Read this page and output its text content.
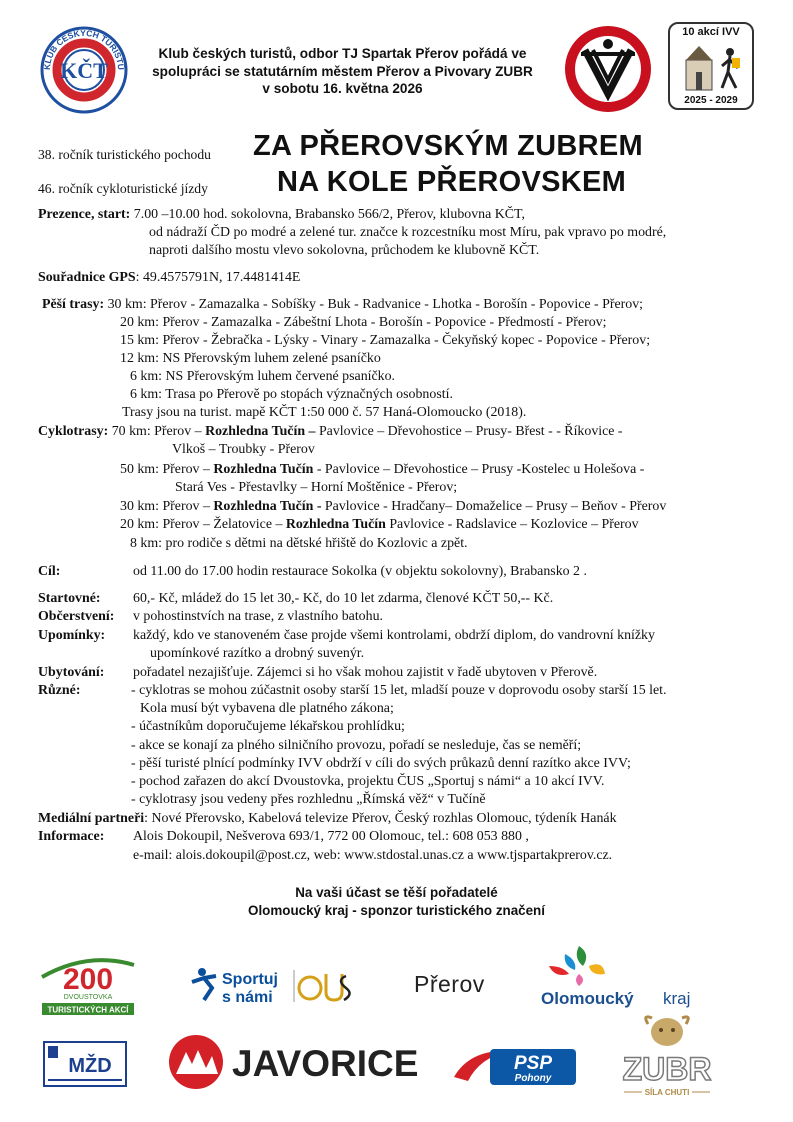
KČT
KLUB ČESKÝCH TURISTŮ
Klub českých turistů, odbor TJ Spartak Přerov pořádá ve
spolupráci se statutárním městem Přerov a Pivovary ZUBR
v sobotu 16. května 2026
10 akcí IVV
2025 - 2029
38. ročník turistického pochodu ZA PŘEROVSKÝM ZUBREM
46. ročník cykloturistické jízdy NA KOLE PŘEROVSKEM
Prezence, start: 7.00 –10.00 hod. sokolovna, Brabansko 566/2, Přerov, klubovna KČT,
od nádraží ČD po modré a zelené tur. značce k rozcestníku most Míru, pak vpravo po modré,
naproti dalšího mostu vlevo sokolovna, průchodem ke klubovně KČT.
Souřadnice GPS: 49.4575791N, 17.4481414E
Pěší trasy: 30 km: Přerov - Zamazalka - Sobíšky - Buk - Radvanice - Lhotka - Borošín - Popovice - Přerov;
20 km: Přerov - Zamazalka - Zábeštní Lhota - Borošín - Popovice - Předmostí - Přerov;
15 km: Přerov - Žebračka - Lýsky - Vinary - Zamazalka - Čekyňský kopec - Popovice - Přerov;
12 km: NS Přerovským luhem zelené psaníčko
6 km: NS Přerovským luhem červené psaníčko.
6 km: Trasa po Přerově po stopách význačných osobností.
Trasy jsou na turist. mapě KČT 1:50 000 č. 57 Haná-Olomoucko (2018).
Cyklotrasy: 70 km: Přerov – Rozhledna Tučín – Pavlovice – Dřevohostice – Prusy- Břest - - Říkovice -
Vlkoš – Troubky - Přerov
50 km: Přerov – Rozhledna Tučín - Pavlovice – Dřevohostice – Prusy -Kostelec u Holešova -
Stará Ves - Přestavlky – Horní Moštěnice - Přerov;
30 km: Přerov – Rozhledna Tučín - Pavlovice - Hradčany– Domaželice – Prusy – Beňov - Přerov
20 km: Přerov – Želatovice – Rozhledna Tučín Pavlovice - Radslavice – Kozlovice – Přerov
8 km: pro rodiče s dětmi na dětské hřiště do Kozlovic a zpět.
Cíl:	od 11.00 do 17.00 hodin restaurace Sokolka (v objektu sokolovny), Brabansko 2 .
Startovné: 60,- Kč, mládež do 15 let 30,- Kč, do 10 let zdarma, členové KČT 50,-- Kč.
Občerstvení: v pohostinstvích na trase, z vlastního batohu.
Upomínky: každý, kdo ve stanoveném čase projde všemi kontrolami, obdrží diplom, do vandrovní knížky
upomínkové razítko a drobný suvenýr.
Ubytování: pořadatel nezajišťuje. Zájemci si ho však mohou zajistit v řadě ubytoven v Přerově.
Různé:	- cyklotras se mohou zúčastnit osoby starší 15 let, mladší pouze v doprovodu osoby starší 15 let.
Kola musí být vybavena dle platného zákona;
- účastníkům doporučujeme lékařskou prohlídku;
- akce se konají za plného silničního provozu, pořadí se nesleduje, čas se neměří;
- pěší turisté plnící podmínky IVV obdrží v cíli do svých průkazů denní razítko akce IVV;
- pochod zařazen do akcí Dvoustovka, projektu ČUS „Sportuj s námi“ a 10 akcí IVV.
- cyklotrasy jsou vedeny přes rozhlednu „Římská věž“ v Tučíně
Mediální partneři: Nové Přerovsko, Kabelová televize Přerov, Český rozhlas Olomouc, týdeník Hanák
Informace: Alois Dokoupil, Nešverova 693/1, 772 00 Olomouc, tel.: 608 053 880 ,
e-mail: alois.dokoupil@post.cz, web: www.stdostal.unas.cz a www.tjspartakprerov.cz.
Na vaši účast se těší pořadatelé
Olomoucký kraj - sponzor turistického značení
200
DVOUSTOVKA
TURISTICKÝCH AKCÍ
Sportuj
s námi
Přerov
Olomoucký kraj
MŽD	JAVORICE	PSP
Pohony ZUBR
SÍLA CHUTI
